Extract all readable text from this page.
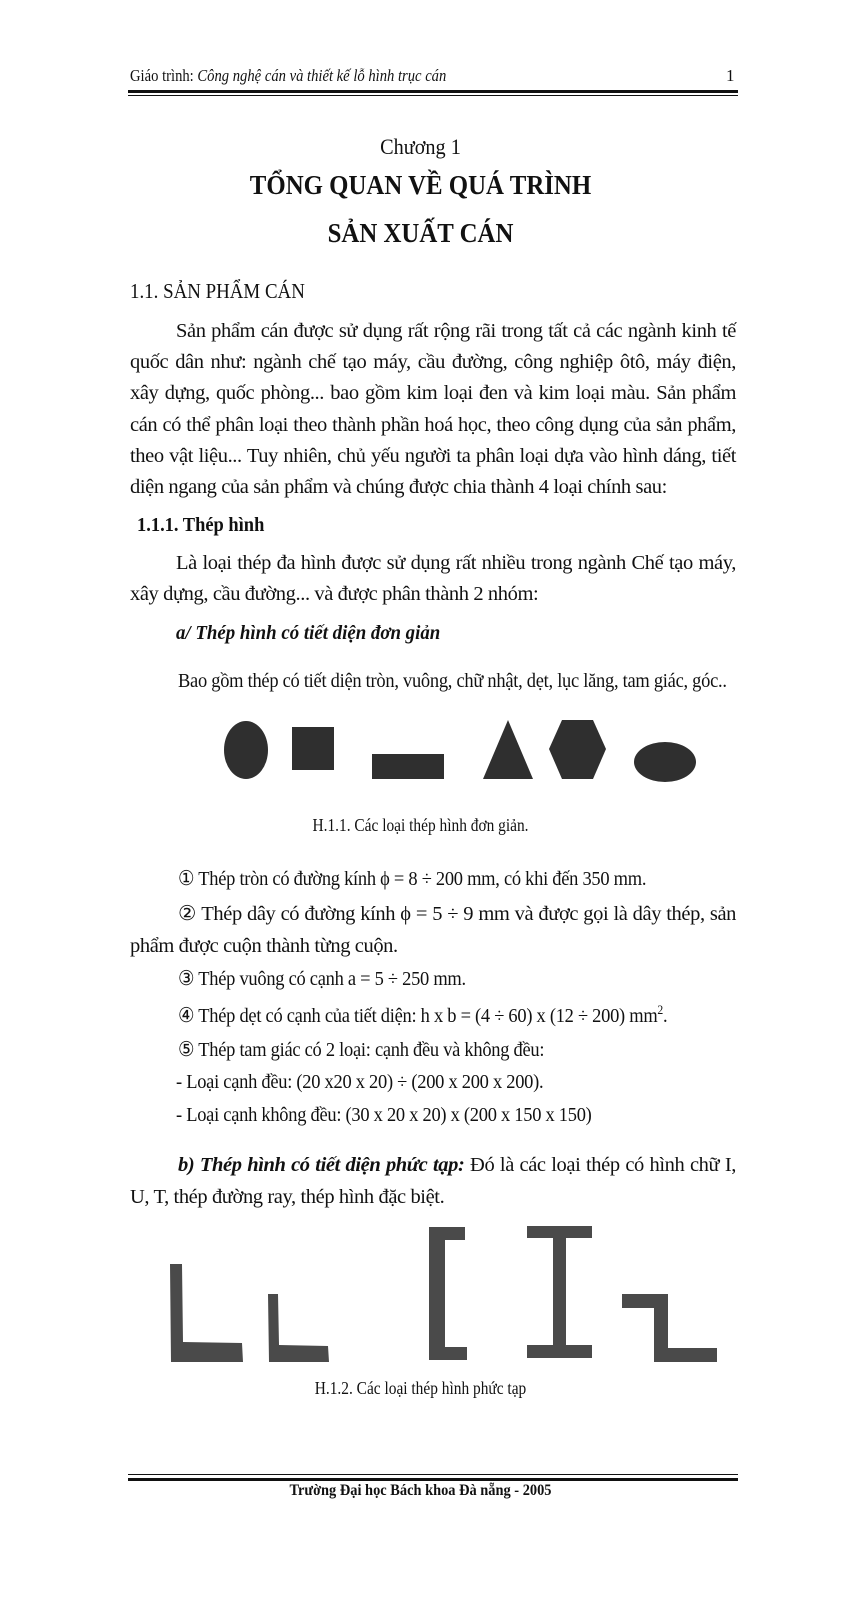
Giáo trình: Công nghệ cán và thiết kế lỗ hình trục cán	1
Chương 1
TỔNG QUAN VỀ QUÁ TRÌNH
SẢN XUẤT CÁN
1.1. SẢN PHẨM CÁN
Sản phẩm cán được sử dụng rất rộng rãi trong tất cả các ngành kinh tế quốc dân như: ngành chế tạo máy, cầu đường, công nghiệp ôtô, máy điện, xây dựng, quốc phòng... bao gồm kim loại đen và kim loại màu. Sản phẩm cán có thể phân loại theo thành phần hoá học, theo công dụng của sản phẩm, theo vật liệu... Tuy nhiên, chủ yếu người ta phân loại dựa vào hình dáng, tiết diện ngang của sản phẩm và chúng được chia thành 4 loại chính sau:
1.1.1. Thép hình
Là loại thép đa hình được sử dụng rất nhiều trong ngành Chế tạo máy, xây dựng, cầu đường... và được phân thành 2 nhóm:
a/ Thép hình có tiết diện đơn giản
Bao gồm thép có tiết diện tròn, vuông, chữ nhật, dẹt, lục lăng, tam giác, góc..
H.1.1. Các loại thép hình đơn giản.
① Thép tròn có đường kính ϕ = 8 ÷ 200 mm, có khi đến 350 mm.
② Thép dây có đường kính ϕ = 5 ÷ 9 mm và được gọi là dây thép, sản phẩm được cuộn thành từng cuộn.
③ Thép vuông có cạnh a = 5 ÷ 250 mm.
④ Thép dẹt có cạnh của tiết diện: h x b = (4 ÷ 60) x (12 ÷ 200) $mm^2$.
⑤ Thép tam giác có 2 loại: cạnh đều và không đều:
- Loại cạnh đều: (20 x20 x 20) ÷ (200 x 200 x 200).
- Loại cạnh không đều: (30 x 20 x 20) x (200 x 150 x 150)
b) Thép hình có tiết diện phức tạp: Đó là các loại thép có hình chữ I, U, T, thép đường ray, thép hình đặc biệt.
H.1.2. Các loại thép hình phức tạp
Trường Đại học Bách khoa Đà nẵng - 2005
